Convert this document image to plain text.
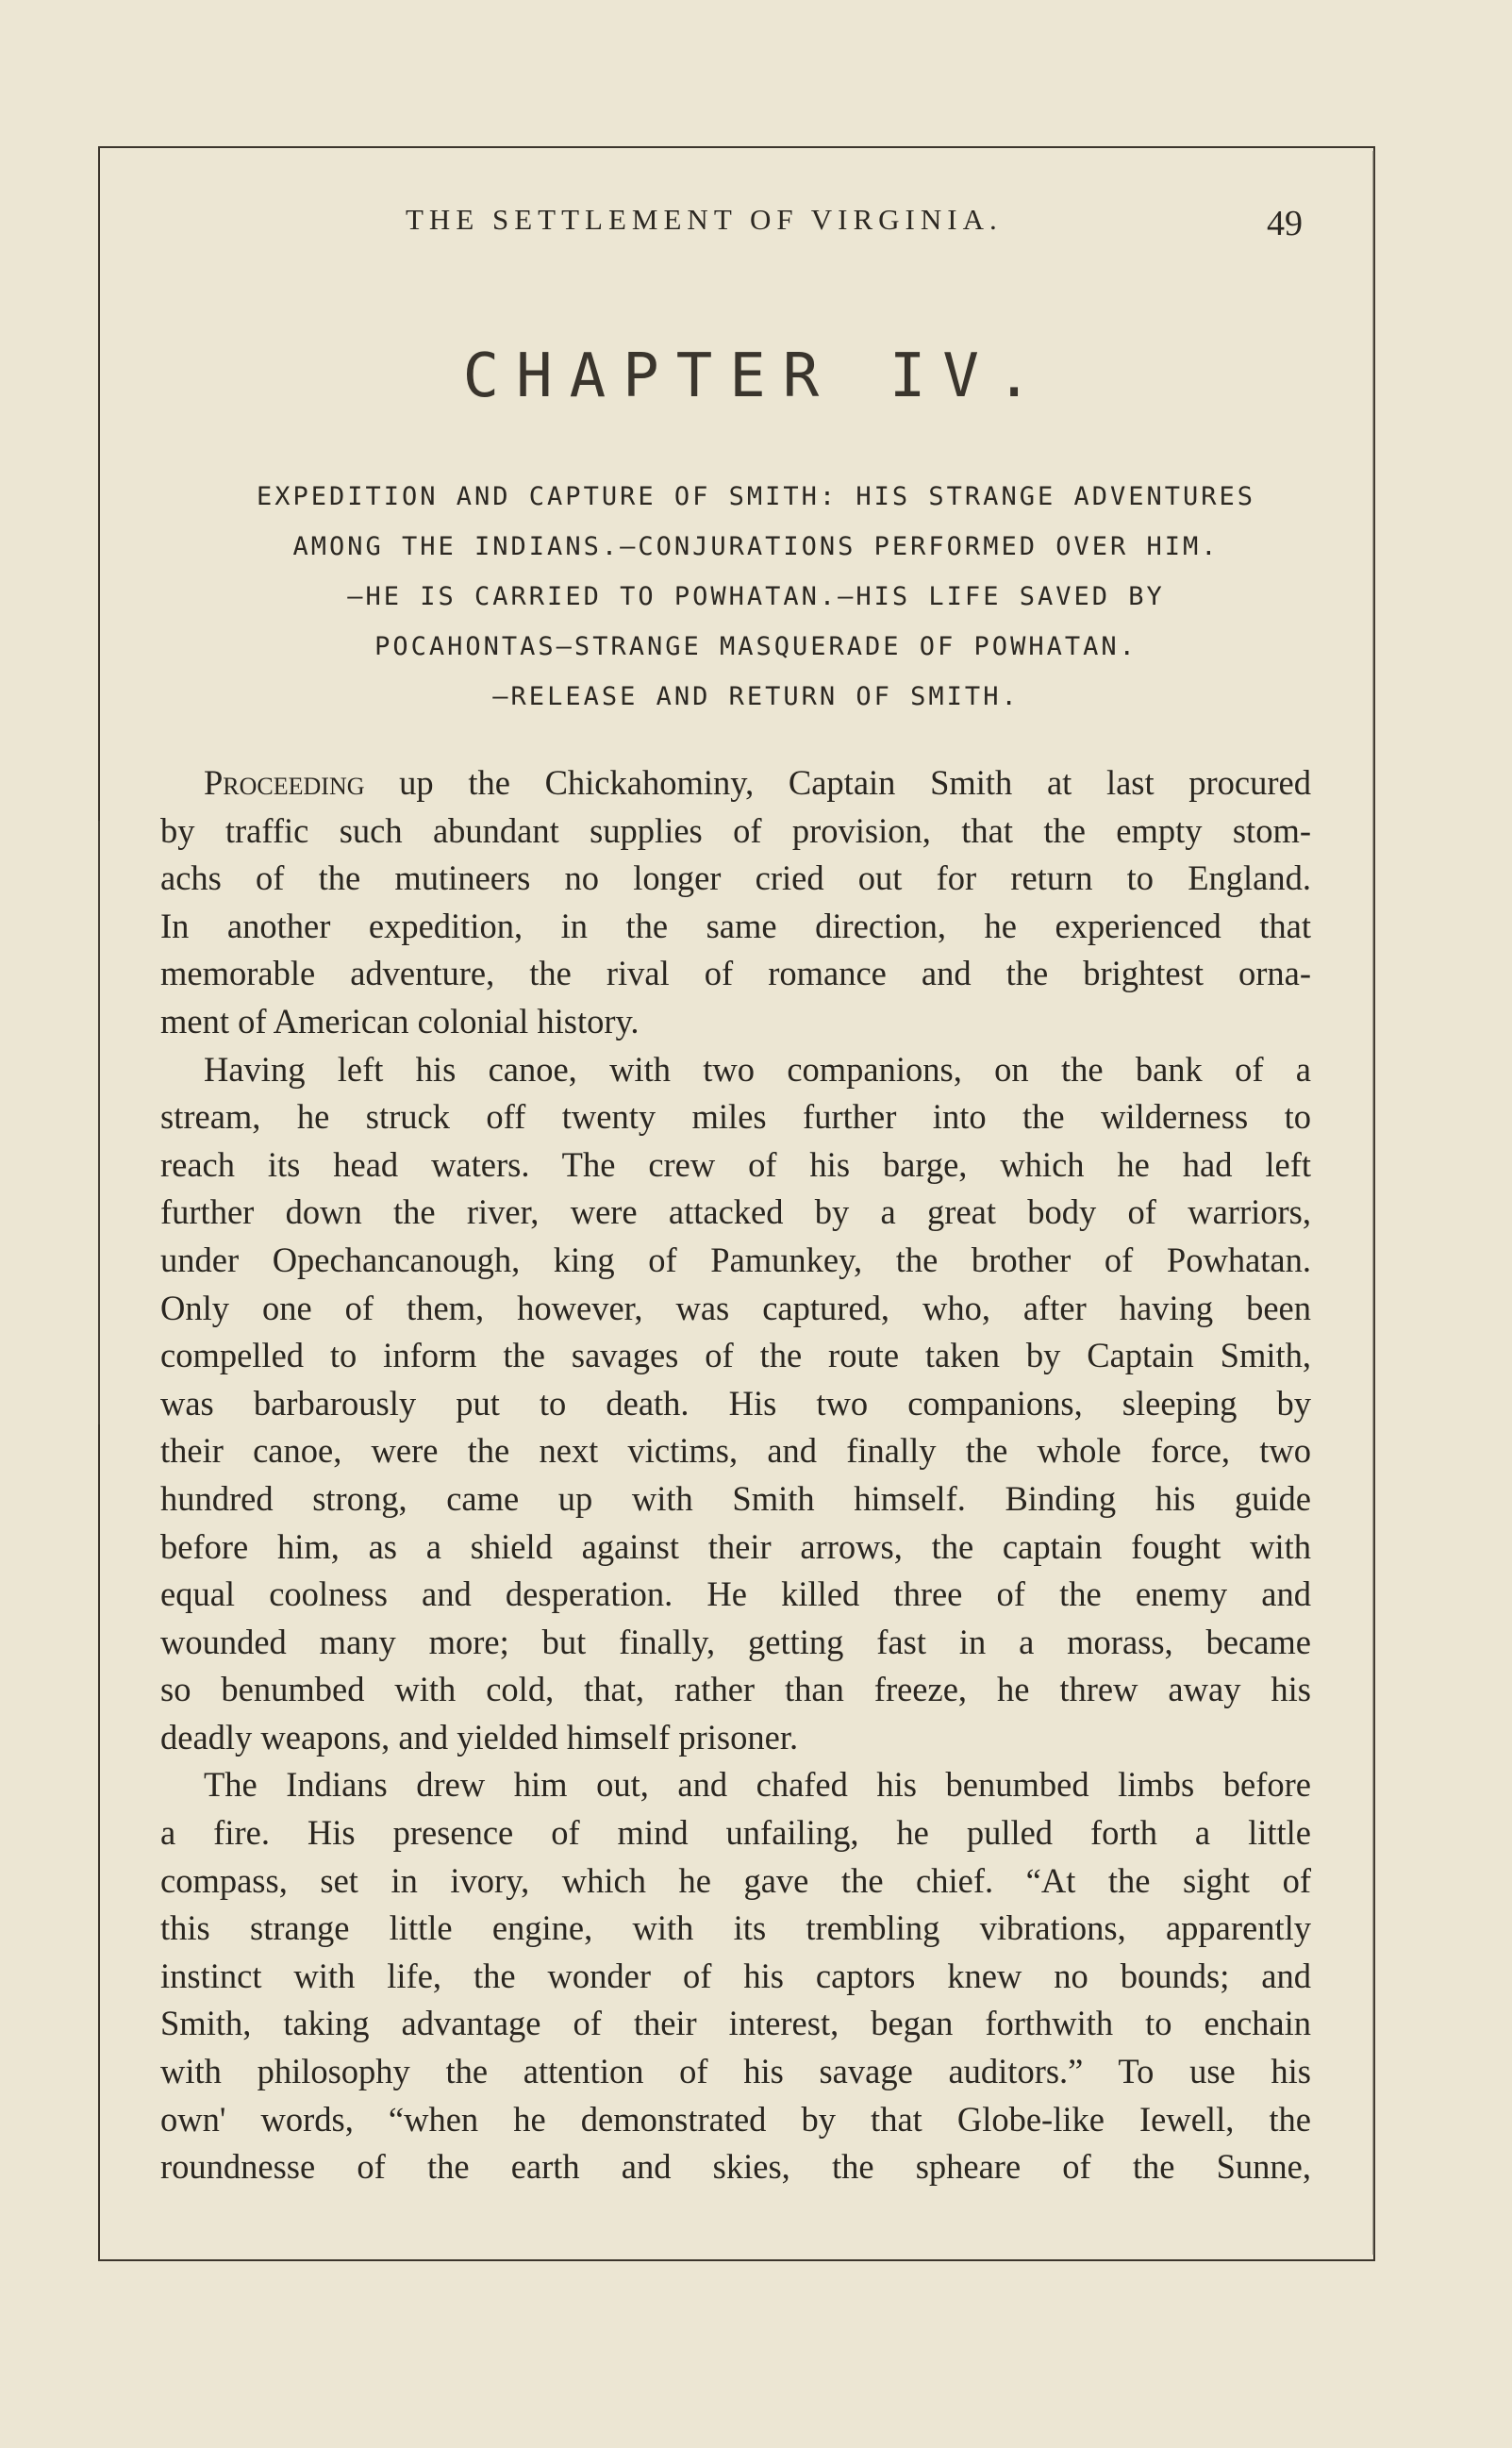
THE SETTLEMENT OF VIRGINIA.	49
CHAPTER IV.
EXPEDITION AND CAPTURE OF SMITH: HIS STRANGE ADVENTURES
AMONG THE INDIANS.—CONJURATIONS PERFORMED OVER HIM.
—HE IS CARRIED TO POWHATAN.—HIS LIFE SAVED BY
POCAHONTAS—STRANGE MASQUERADE OF POWHATAN.
—RELEASE AND RETURN OF SMITH.
Proceeding up the Chickahominy, Captain Smith at last procured
by traffic such abundant supplies of provision, that the empty stom-
achs of the mutineers no longer cried out for return to England.
In another expedition, in the same direction, he experienced that
memorable adventure, the rival of romance and the brightest orna-
ment of American colonial history.
Having left his canoe, with two companions, on the bank of a
stream, he struck off twenty miles further into the wilderness to
reach its head waters. The crew of his barge, which he had left
further down the river, were attacked by a great body of warriors,
under Opechancanough, king of Pamunkey, the brother of Powhatan.
Only one of them, however, was captured, who, after having been
compelled to inform the savages of the route taken by Captain Smith,
was barbarously put to death. His two companions, sleeping by
their canoe, were the next victims, and finally the whole force, two
hundred strong, came up with Smith himself. Binding his guide
before him, as a shield against their arrows, the captain fought with
equal coolness and desperation. He killed three of the enemy and
wounded many more; but finally, getting fast in a morass, became
so benumbed with cold, that, rather than freeze, he threw away his
deadly weapons, and yielded himself prisoner.
The Indians drew him out, and chafed his benumbed limbs before
a fire. His presence of mind unfailing, he pulled forth a little
compass, set in ivory, which he gave the chief. “At the sight of
this strange little engine, with its trembling vibrations, apparently
instinct with life, the wonder of his captors knew no bounds; and
Smith, taking advantage of their interest, began forthwith to enchain
with philosophy the attention of his savage auditors.” To use his
own' words, “when he demonstrated by that Globe-like Iewell, the
roundnesse of the earth and skies, the spheare of the Sunne,
